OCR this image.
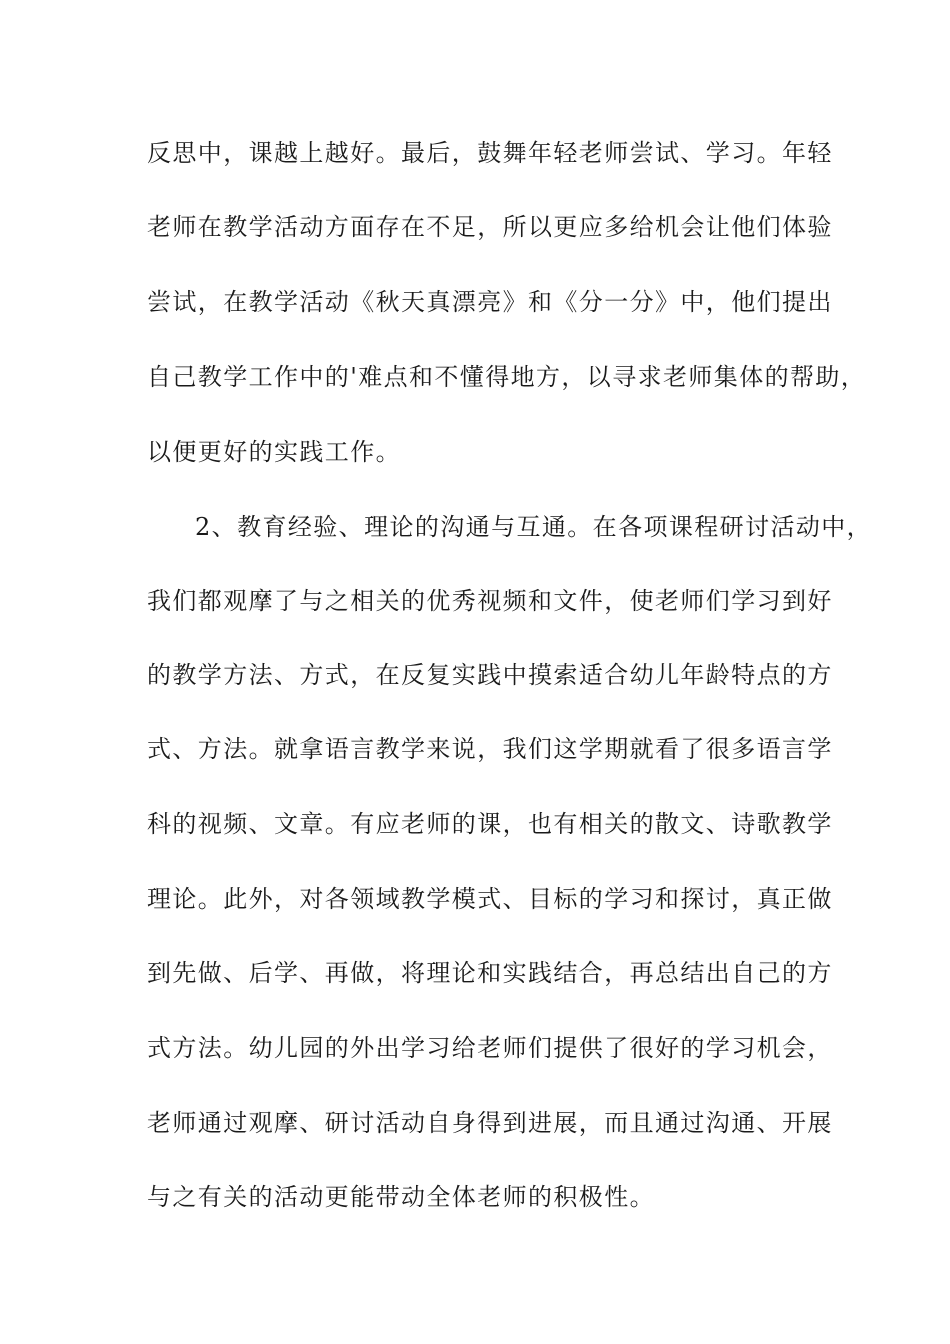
反思中，课越上越好。最后，鼓舞年轻老师尝试、学习。年轻

老师在教学活动方面存在不足，所以更应多给机会让他们体验

尝试，在教学活动《秋天真漂亮》和《分一分》中，他们提出

自己教学工作中的'难点和不懂得地方，以寻求老师集体的帮助，

以便更好的实践工作。

2、教育经验、理论的沟通与互通。在各项课程研讨活动中，

我们都观摩了与之相关的优秀视频和文件，使老师们学习到好

的教学方法、方式，在反复实践中摸索适合幼儿年龄特点的方

式、方法。就拿语言教学来说，我们这学期就看了很多语言学

科的视频、文章。有应老师的课，也有相关的散文、诗歌教学

理论。此外，对各领域教学模式、目标的学习和探讨，真正做

到先做、后学、再做，将理论和实践结合，再总结出自己的方

式方法。幼儿园的外出学习给老师们提供了很好的学习机会，

老师通过观摩、研讨活动自身得到进展，而且通过沟通、开展

与之有关的活动更能带动全体老师的积极性。
